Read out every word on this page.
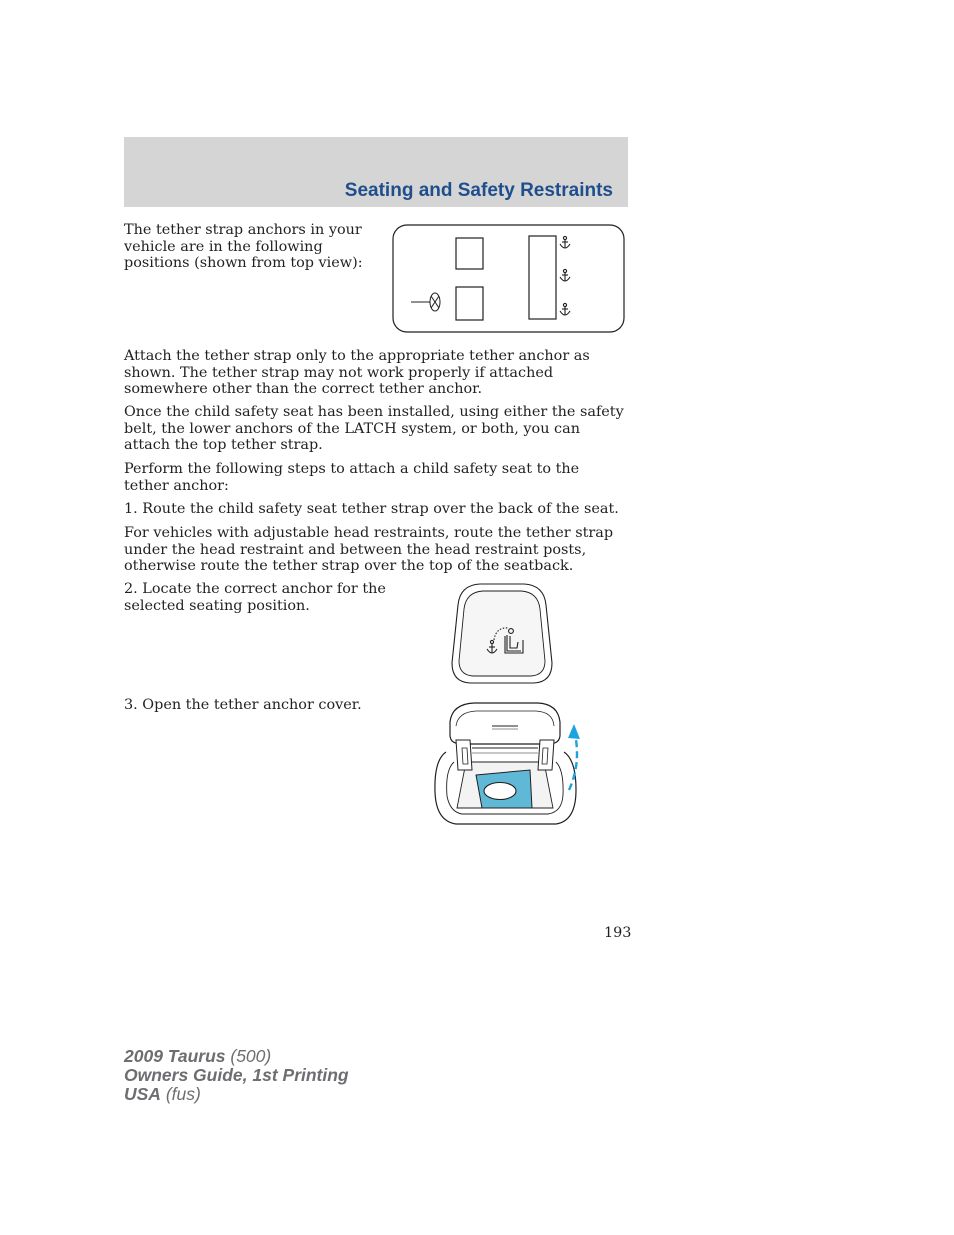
Seating and Safety Restraints

The tether strap anchors in your vehicle are in the following positions (shown from top view):

Attach the tether strap only to the appropriate tether anchor as shown. The tether strap may not work properly if attached somewhere other than the correct tether anchor.

Once the child safety seat has been installed, using either the safety belt, the lower anchors of the LATCH system, or both, you can attach the top tether strap.

Perform the following steps to attach a child safety seat to the tether anchor:

1. Route the child safety seat tether strap over the back of the seat.

For vehicles with adjustable head restraints, route the tether strap under the head restraint and between the head restraint posts, otherwise route the tether strap over the top of the seatback.

2. Locate the correct anchor for the selected seating position.

3. Open the tether anchor cover.

193
2009 Taurus (500)
Owners Guide, 1st Printing
USA (fus)
